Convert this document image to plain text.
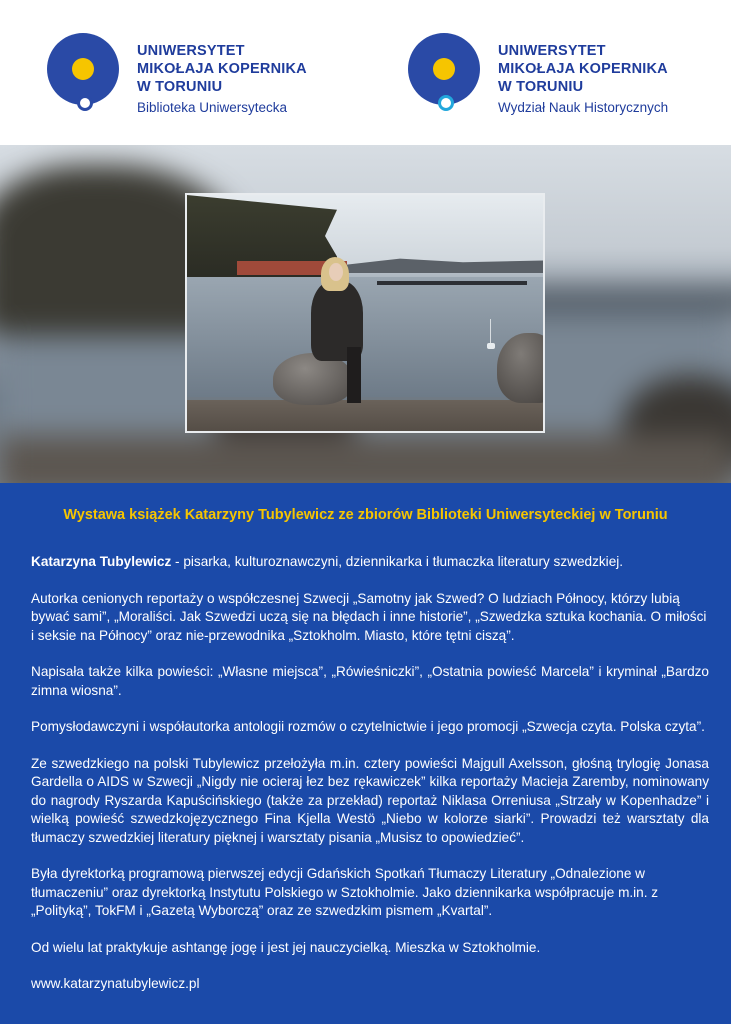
UNIWERSYTET
MIKOŁAJA KOPERNIKA
W TORUNIU
Biblioteka Uniwersytecka
UNIWERSYTET
MIKOŁAJA KOPERNIKA
W TORUNIU
Wydział Nauk Historycznych
Wystawa książek Katarzyny Tubylewicz ze zbiorów Biblioteki Uniwersyteckiej w Toruniu

Katarzyna Tubylewicz - pisarka, kulturoznawczyni, dziennikarka i tłumaczka literatury szwedzkiej.

Autorka cenionych reportaży o współczesnej Szwecji „Samotny jak Szwed? O ludziach Północy, którzy lubią bywać sami”, „Moraliści. Jak Szwedzi uczą się na błędach i inne historie”, „Szwedzka sztuka kochania. O miłości i seksie na Północy” oraz nie-przewodnika „Sztokholm. Miasto, które tętni ciszą”.

Napisała także kilka powieści: „Własne miejsca”, „Rówieśniczki”, „Ostatnia powieść Marcela” i kryminał „Bardzo zimna wiosna”.

Pomysłodawczyni i współautorka antologii rozmów o czytelnictwie i jego promocji „Szwecja czyta. Polska czyta”.

Ze szwedzkiego na polski Tubylewicz przełożyła m.in. cztery powieści Majgull Axelsson, głośną trylogię Jonasa Gardella o AIDS w Szwecji „Nigdy nie ocieraj łez bez rękawiczek” kilka reportaży Macieja Zaremby, nominowany do nagrody Ryszarda Kapuścińskiego (także za przekład) reportaż Niklasa Orreniusa „Strzały w Kopenhadze” i wielką powieść szwedzkojęzycznego Fina Kjella Westö „Niebo w kolorze siarki”. Prowadzi też warsztaty dla tłumaczy szwedzkiej literatury pięknej i warsztaty pisania „Musisz to opowiedzieć”.

Była dyrektorką programową pierwszej edycji Gdańskich Spotkań Tłumaczy Literatury „Odnalezione w tłumaczeniu” oraz dyrektorką Instytutu Polskiego w Sztokholmie. Jako dziennikarka współpracuje m.in. z „Polityką”, TokFM i „Gazetą Wyborczą” oraz ze szwedzkim pismem „Kvartal”.

Od wielu lat praktykuje ashtangę jogę i jest jej nauczycielką. Mieszka w Sztokholmie.

www.katarzynatubylewicz.pl
